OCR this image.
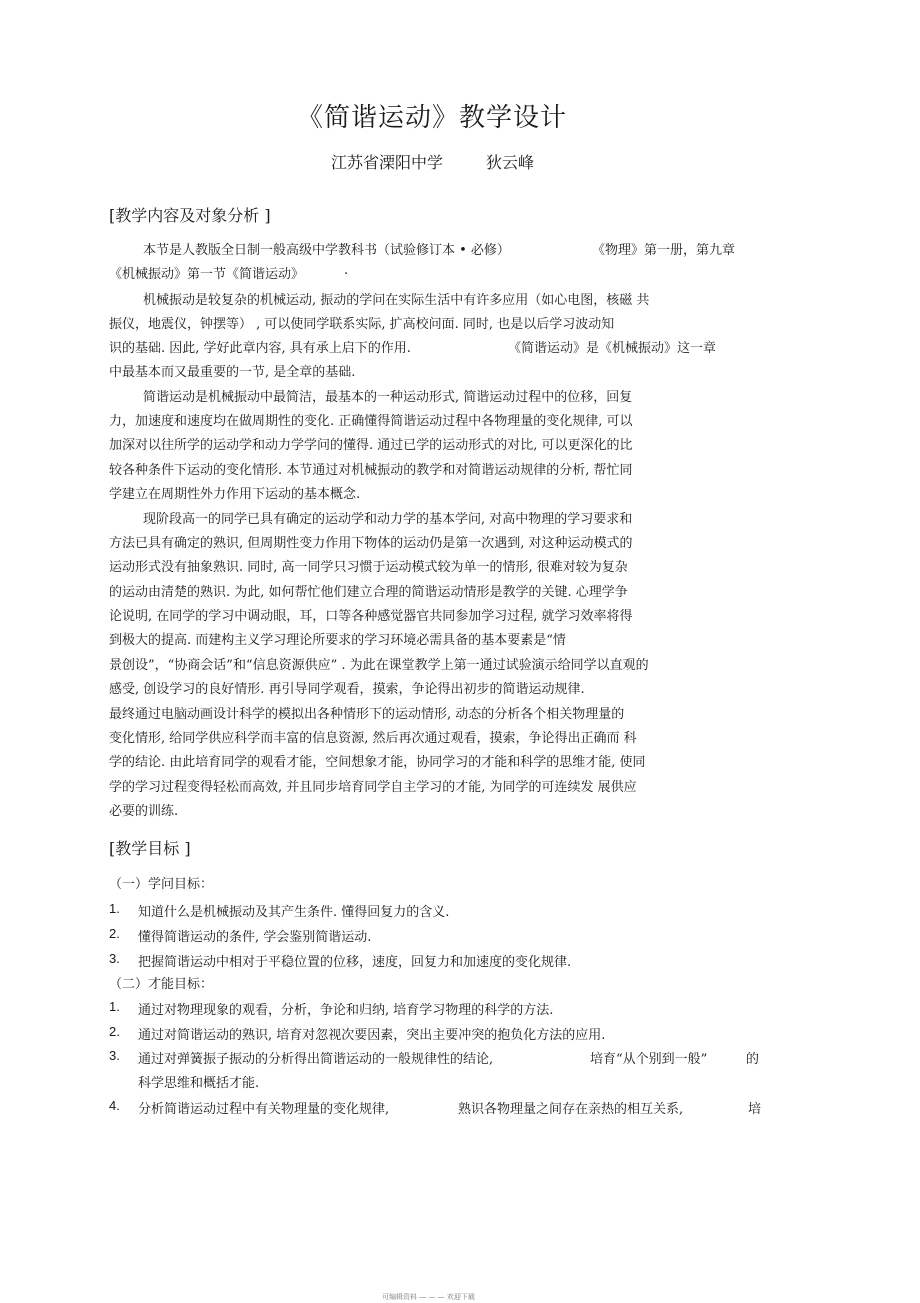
《简谐运动》教学设计
江苏省溧阳中学	狄云峰
[教学内容及对象分析 ]
本节是人教版全日制一般高级中学教科书（试验修订本 • 必修）	《物理》第一册，第九章
《机械振动》第一节《简谐运动》	.
机械振动是较复杂的机械运动, 振动的学问在实际生活中有许多应用（如心电图，核磁 共
振仪，地震仪，钟摆等） , 可以使同学联系实际, 扩高校问面. 同时, 也是以后学习波动知
识的基础. 因此, 学好此章内容, 具有承上启下的作用.	《简谐运动》是《机械振动》这一章
中最基本而又最重要的一节, 是全章的基础.
简谐运动是机械振动中最简洁，最基本的一种运动形式, 简谐运动过程中的位移，回复
力，加速度和速度均在做周期性的变化. 正确懂得简谐运动过程中各物理量的变化规律, 可以
加深对以往所学的运动学和动力学学问的懂得. 通过已学的运动形式的对比, 可以更深化的比
较各种条件下运动的变化情形. 本节通过对机械振动的教学和对简谐运动规律的分析, 帮忙同
学建立在周期性外力作用下运动的基本概念.
现阶段高一的同学已具有确定的运动学和动力学的基本学问, 对高中物理的学习要求和
方法已具有确定的熟识, 但周期性变力作用下物体的运动仍是第一次遇到, 对这种运动模式的
运动形式没有抽象熟识. 同时, 高一同学只习惯于运动模式较为单一的情形, 很难对较为复杂
的运动由清楚的熟识. 为此, 如何帮忙他们建立合理的简谐运动情形是教学的关键. 心理学争
论说明, 在同学的学习中调动眼，耳，口等各种感觉器官共同参加学习过程, 就学习效率将得
到极大的提高. 而建构主义学习理论所要求的学习环境必需具备的基本要素是“情
景创设”，“协商会话”和“信息资源供应” . 为此在课堂教学上第一通过试验演示给同学以直观的
感受, 创设学习的良好情形. 再引导同学观看，摸索，争论得出初步的简谐运动规律.
最终通过电脑动画设计科学的模拟出各种情形下的运动情形, 动态的分析各个相关物理量的
变化情形, 给同学供应科学而丰富的信息资源, 然后再次通过观看，摸索，争论得出正确而 科
学的结论. 由此培育同学的观看才能，空间想象才能，协同学习的才能和科学的思维才能, 使同
学的学习过程变得轻松而高效, 并且同步培育同学自主学习的才能, 为同学的可连续发 展供应
必要的训练.
[教学目标 ]
（一）学问目标：
1. 知道什么是机械振动及其产生条件. 懂得回复力的含义.
2. 懂得简谐运动的条件, 学会鉴别简谐运动.
3. 把握简谐运动中相对于平稳位置的位移，速度，回复力和加速度的变化规律.
（二）才能目标：
1. 通过对物理现象的观看，分析，争论和归纳, 培育学习物理的科学的方法.
2. 通过对简谐运动的熟识, 培育对忽视次要因素，突出主要冲突的抱负化方法的应用.
3. 通过对弹簧振子振动的分析得出简谐运动的一般规律性的结论,	培育“从个别到一般”	的
科学思维和概括才能.
4. 分析简谐运动过程中有关物理量的变化规律,	熟识各物理量之间存在亲热的相互关系,	培
可编辑资料 — — — 欢迎下载
